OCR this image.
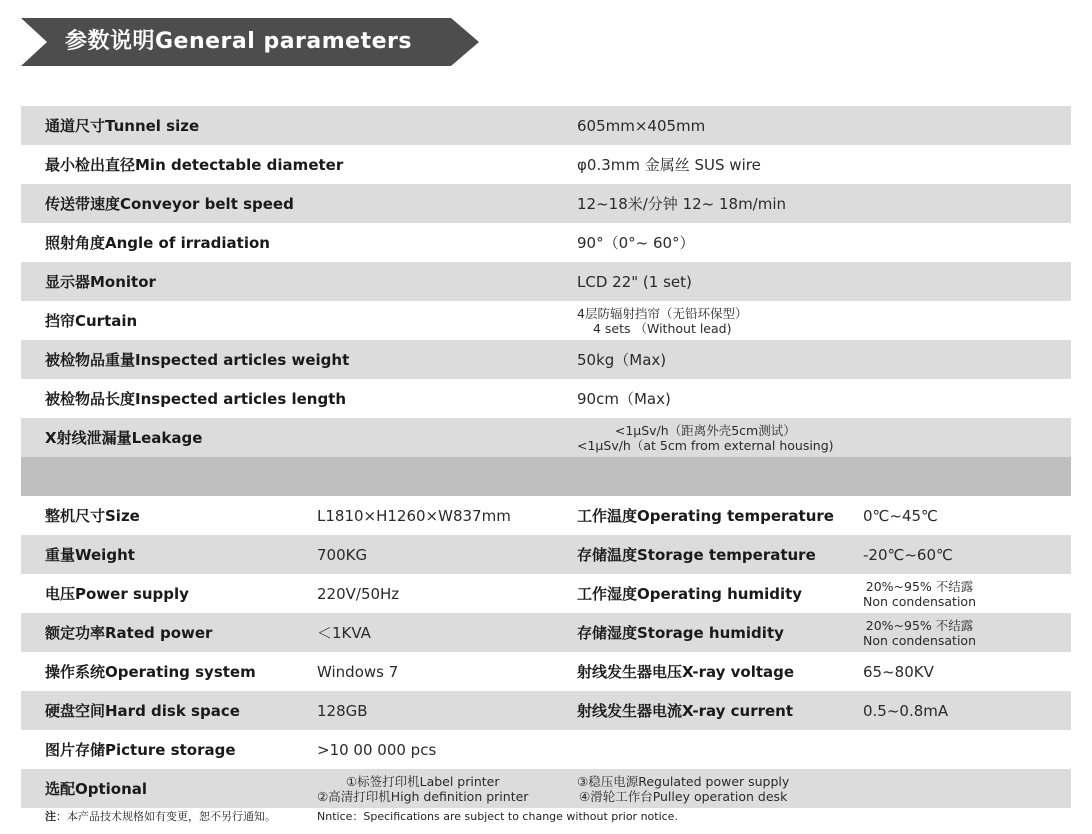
参数说明General parameters
通道尺寸Tunnel size	605mm×405mm
最小检出直径Min detectable diameter	φ0.3mm 金属丝 SUS wire
传送带速度Conveyor belt speed	12~18米/分钟 12~ 18m/min
照射角度Angle of irradiation	90°（0°~ 60°）
显示器Monitor	LCD 22" (1 set)
挡帘Curtain	4层防辐射挡帘（无铅环保型）
4 sets （Without lead)
被检物品重量Inspected articles weight	50kg（Max)
被检物品长度Inspected articles length	90cm（Max)
X射线泄漏量Leakage	<1μSv/h（距离外壳5cm测试）
<1μSv/h（at 5cm from external housing)
整机尺寸Size	L1810×H1260×W837mm	工作温度Operating temperature 0℃~45℃
重量Weight	700KG	存储温度Storage temperature	-20℃~60℃
电压Power supply	220V/50Hz	工作湿度Operating humidity	20%~95% 不结露
Non condensation
额定功率Rated power	＜1KVA	存储湿度Storage humidity	20%~95% 不结露
Non condensation
操作系统Operating system	Windows 7	射线发生器电压X-ray voltage	65~80KV
硬盘空间Hard disk space	128GB	射线发生器电流X-ray current	0.5~0.8mA
图片存储Picture storage	>10 00 000 pcs
选配Optional	①标签打印机Label printer
②高清打印机High definition printer
③稳压电源Regulated power supply
④滑轮工作台Pulley operation desk
注：本产品技术规格如有变更，恕不另行通知。	Nntice：Specifications are subject to change without prior notice.
